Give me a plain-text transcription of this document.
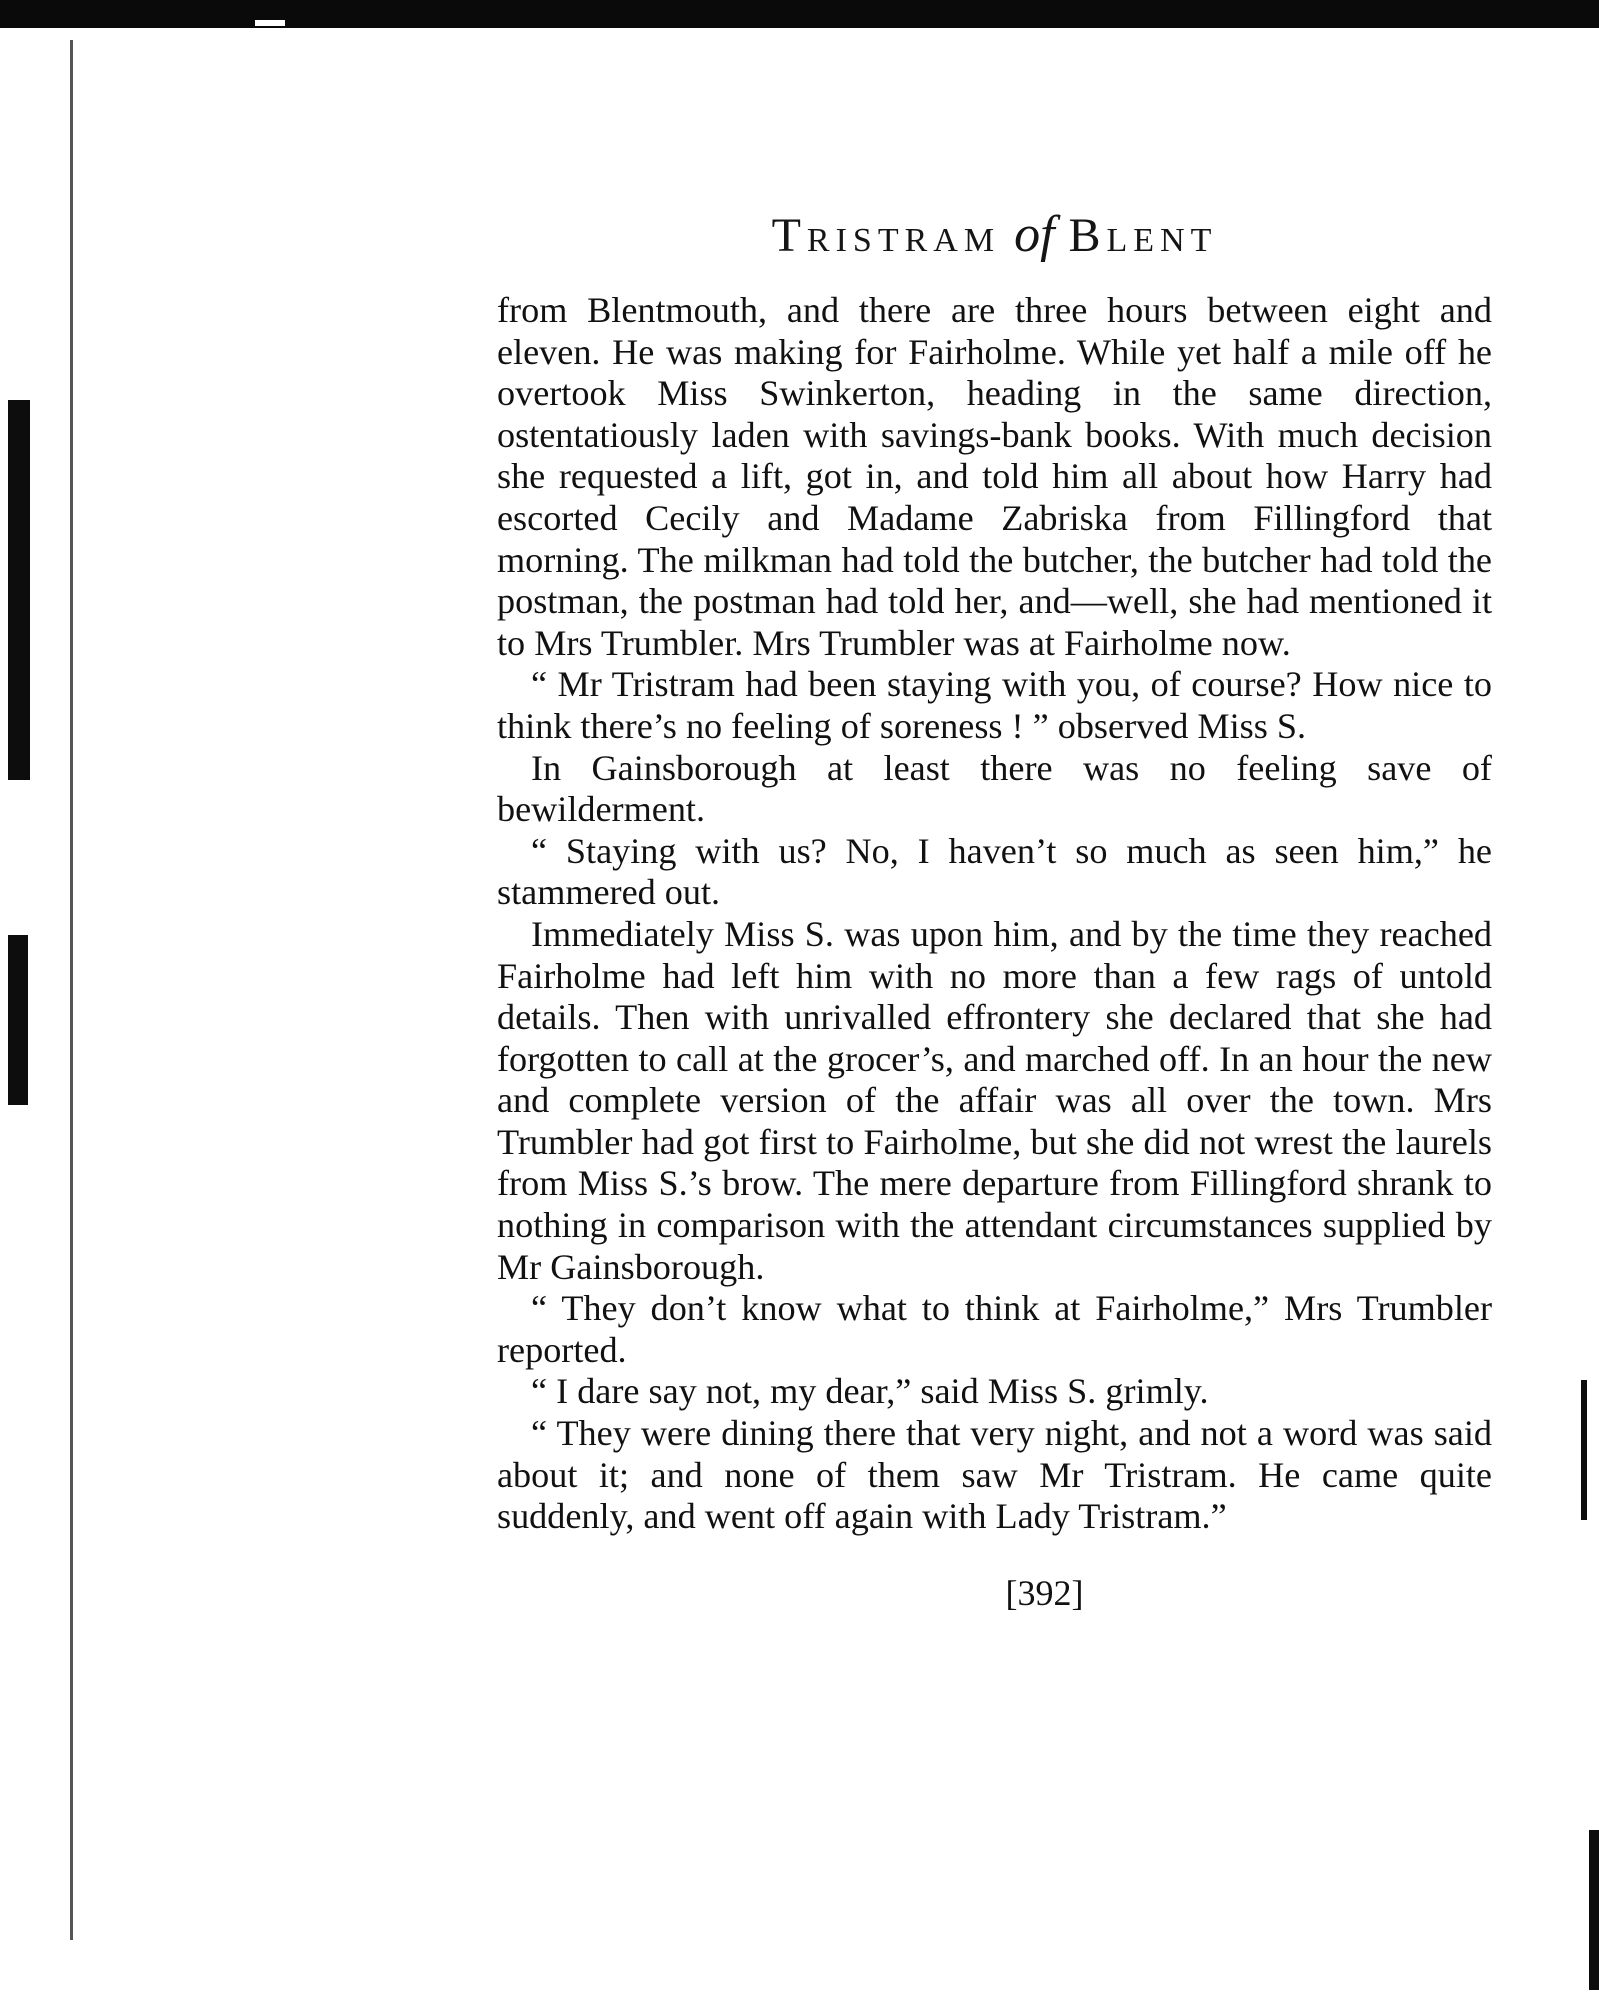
Tristram of Blent

from Blentmouth, and there are three hours between eight and eleven. He was making for Fairholme. While yet half a mile off he overtook Miss Swinkerton, heading in the same direction, ostentatiously laden with savings-bank books. With much decision she requested a lift, got in, and told him all about how Harry had escorted Cecily and Madame Zabriska from Fillingford that morning. The milkman had told the butcher, the butcher had told the postman, the postman had told her, and—well, she had mentioned it to Mrs Trumbler. Mrs Trumbler was at Fairholme now.

“ Mr Tristram had been staying with you, of course? How nice to think there’s no feeling of soreness ! ” observed Miss S.

In Gainsborough at least there was no feeling save of bewilderment.

“ Staying with us? No, I haven’t so much as seen him,” he stammered out.

Immediately Miss S. was upon him, and by the time they reached Fairholme had left him with no more than a few rags of untold details. Then with unrivalled effrontery she declared that she had forgotten to call at the grocer’s, and marched off. In an hour the new and complete version of the affair was all over the town. Mrs Trumbler had got first to Fairholme, but she did not wrest the laurels from Miss S.’s brow. The mere departure from Fillingford shrank to nothing in comparison with the attendant circumstances supplied by Mr Gainsborough.

“ They don’t know what to think at Fairholme,” Mrs Trumbler reported.

“ I dare say not, my dear,” said Miss S. grimly.

“ They were dining there that very night, and not a word was said about it; and none of them saw Mr Tristram. He came quite suddenly, and went off again with Lady Tristram.”

[392]
